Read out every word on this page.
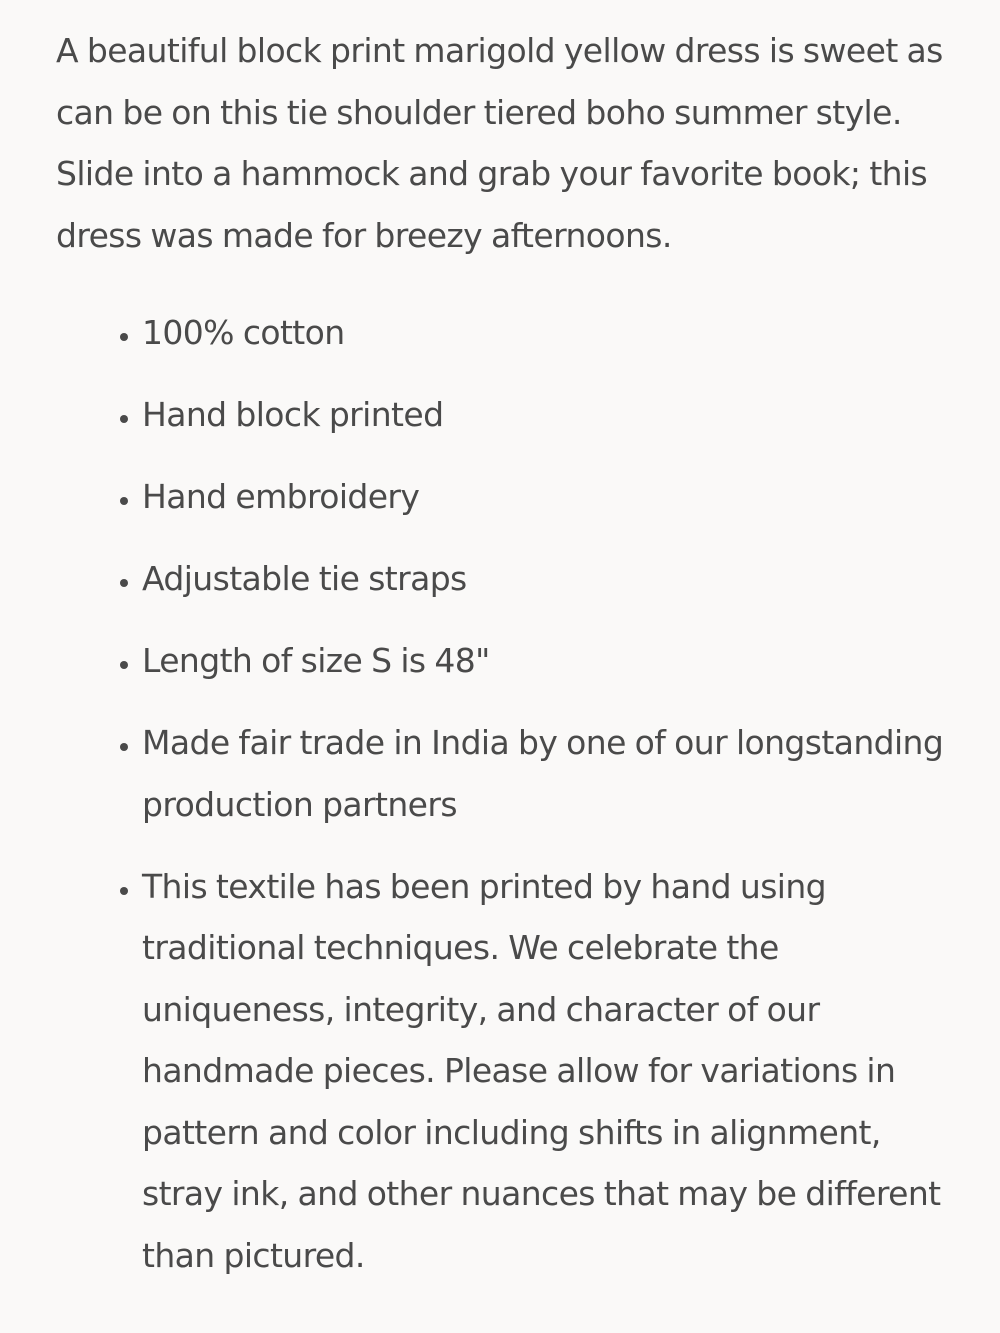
A beautiful block print marigold yellow dress is sweet as can be on this tie shoulder tiered boho summer style. Slide into a hammock and grab your favorite book; this dress was made for breezy afternoons.

• 100% cotton
• Hand block printed
• Hand embroidery
• Adjustable tie straps
• Length of size S is 48"
• Made fair trade in India by one of our longstanding production partners
• This textile has been printed by hand using traditional techniques. We celebrate the uniqueness, integrity, and character of our handmade pieces. Please allow for variations in pattern and color including shifts in alignment, stray ink, and other nuances that may be different than pictured.
